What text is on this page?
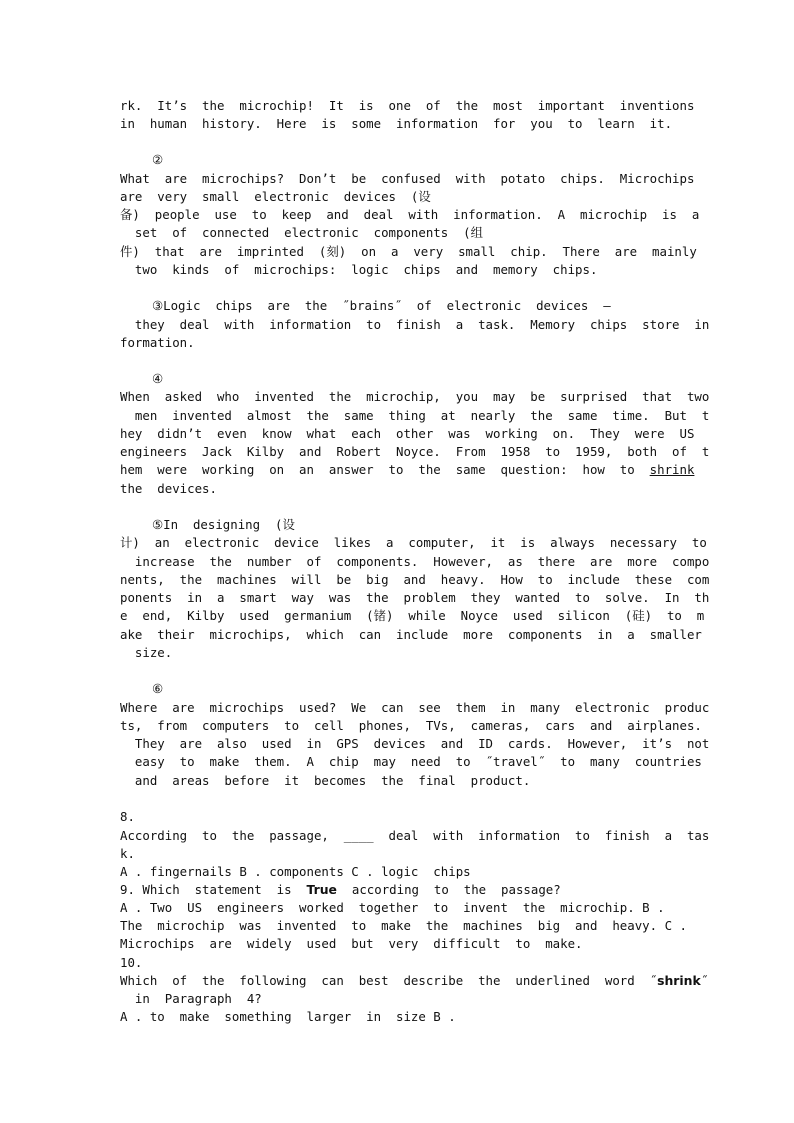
rk.  It’s  the  microchip!  It  is  one  of  the  most  important  inventions
in  human  history.  Here  is  some  information  for  you  to  learn  it.
②
What  are  microchips?  Don’t  be  confused  with  potato  chips.  Microchips
are  very  small  electronic  devices  (设
备)  people  use  to  keep  and  deal  with  information.  A  microchip  is  a
set  of  connected  electronic  components  (组
件)  that  are  imprinted  (刻)  on  a  very  small  chip.  There  are  mainly
two  kinds  of  microchips:  logic  chips  and  memory  chips.
③Logic  chips  are  the  ˝brains˝  of  electronic  devices  —
they  deal  with  information  to  finish  a  task.  Memory  chips  store  in
formation.
④
When  asked  who  invented  the  microchip,  you  may  be  surprised  that  two
men  invented  almost  the  same  thing  at  nearly  the  same  time.  But  t
hey  didn’t  even  know  what  each  other  was  working  on.  They  were  US
engineers  Jack  Kilby  and  Robert  Noyce.  From  1958  to  1959,  both  of  t
hem  were  working  on  an  answer  to  the  same  question:  how  to  shrink
the  devices.
⑤In  designing  (设
计)  an  electronic  device  likes  a  computer,  it  is  always  necessary  to
increase  the  number  of  components.  However,  as  there  are  more  compo
nents,  the  machines  will  be  big  and  heavy.  How  to  include  these  com
ponents  in  a  smart  way  was  the  problem  they  wanted  to  solve.  In  th
e  end,  Kilby  used  germanium  (锗)  while  Noyce  used  silicon  (硅)  to  m
ake  their  microchips,  which  can  include  more  components  in  a  smaller
size.
⑥
Where  are  microchips  used?  We  can  see  them  in  many  electronic  produc
ts,  from  computers  to  cell  phones,  TVs,  cameras,  cars  and  airplanes.
They  are  also  used  in  GPS  devices  and  ID  cards.  However,  it’s  not
easy  to  make  them.  A  chip  may  need  to  ˝travel˝  to  many  countries
and  areas  before  it  becomes  the  final  product.
8.
According  to  the  passage,  ____  deal  with  information  to  finish  a  tas
k.
A . fingernails B . components C . logic  chips
9. Which  statement  is  True  according  to  the  passage?
A . Two  US  engineers  worked  together  to  invent  the  microchip. B .
The  microchip  was  invented  to  make  the  machines  big  and  heavy. C .
Microchips  are  widely  used  but  very  difficult  to  make.
10.
Which  of  the  following  can  best  describe  the  underlined  word  ˝shrink˝
in  Paragraph  4?
A . to  make  something  larger  in  size B .
